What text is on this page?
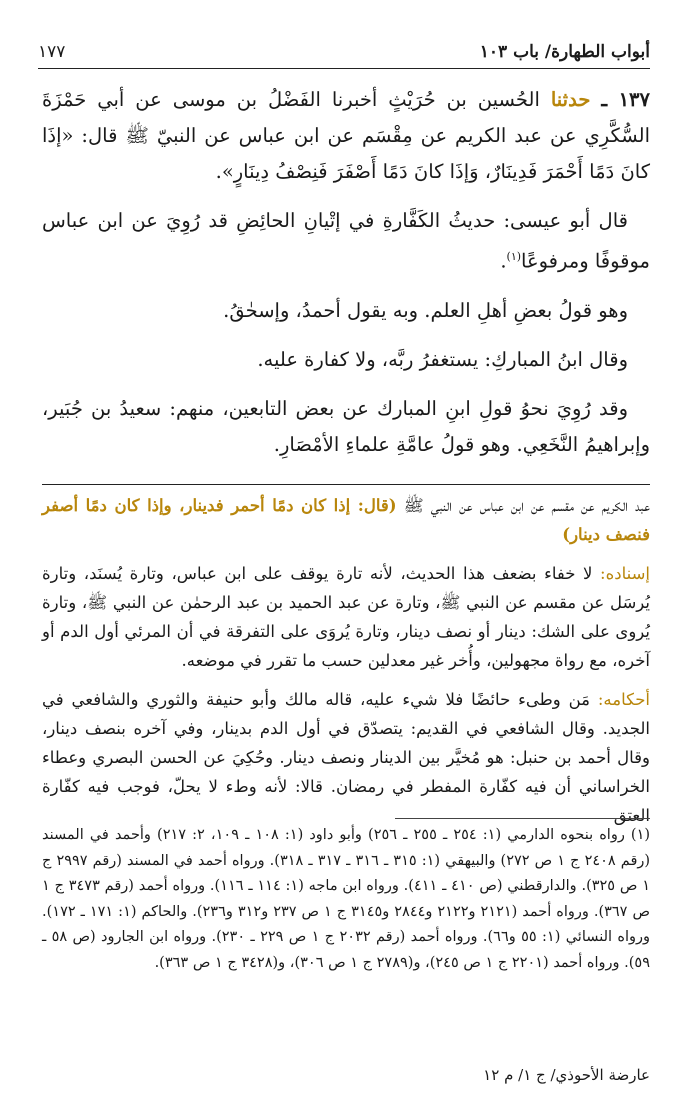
أبواب الطهارة/ باب ١٠٣
١٧٧

١٣٧ ـ حدثنا الحُسين بن حُرَيْثٍ أخبرنا الفَضْلُ بن موسى عن أبي حَمْزَةَ السُّكَّرِي عن عبد الكريم عن مِقْسَم عن ابن عباس عن النبيّ ﷺ قال: «إذَا كانَ دَمًا أَحْمَرَ فَدِينَارٌ، وَإذَا كانَ دَمًا أَصْفَرَ فَنِصْفُ دِينَارٍ».

قال أبو عيسى: حديثُ الكَفَّارةِ في إتْيانِ الحائِضِ قد رُوِيَ عن ابن عباس موقوفًا ومرفوعًا$^{(١)}$.

وهو قولُ بعضِ أهلِ العلم. وبه يقول أحمدُ، وإسحٰقُ.

وقال ابنُ المباركِ: يستغفرُ ربَّه، ولا كفارة عليه.

وقد رُوِيَ نحوُ قولِ ابنِ المبارك عن بعض التابعين، منهم: سعيدُ بن جُبَير، وإبراهيمُ النَّخَعِي. وهو قولُ عامَّةِ علماءِ الأمْصَارِ.

عبد الكريم عن مقسم عن ابن عباس عن النبي ﷺ (قال: إذا كان دمًا أحمر فدينار، وإذا كان دمًا أصفر فنصف دينار)

إسناده: لا خفاء بضعف هذا الحديث، لأنه تارة يوقف على ابن عباس، وتارة يُسنَد، وتارة يُرسَل عن مقسم عن النبي ﷺ، وتارة عن عبد الحميد بن عبد الرحمٰن عن النبي ﷺ، وتارة يُروى على الشك: دينار أو نصف دينار، وتارة يُروَى على التفرقة في أن المرئي أول الدم أو آخره، مع رواة مجهولين، وأُخر غير معدلين حسب ما تقرر في موضعه.

أحكامه: مَن وطىء حائضًا فلا شيء عليه، قاله مالك وأبو حنيفة والثوري والشافعي في الجديد. وقال الشافعي في القديم: يتصدّق في أول الدم بدينار، وفي آخره بنصف دينار، وقال أحمد بن حنبل: هو مُخيَّر بين الدينار ونصف دينار. وحُكِيَ عن الحسن البصري وعطاء الخراساني أن فيه كفّارة المفطر في رمضان. قالا: لأنه وطء لا يحلّ، فوجب فيه كفّارة العتق

(١) رواه بنحوه الدارمي (١: ٢٥٤ ـ ٢٥٥ ـ ٢٥٦) وأبو داود (١: ١٠٨ ـ ١٠٩، ٢: ٢١٧) وأحمد في المسند (رقم ٢٤٠٨ ج ١ ص ٢٧٢) والبيهقي (١: ٣١٥ ـ ٣١٦ ـ ٣١٧ ـ ٣١٨). ورواه أحمد في المسند (رقم ٢٩٩٧ ج ١ ص ٣٢٥). والدارقطني (ص ٤١٠ ـ ٤١١). ورواه ابن ماجه (١: ١١٤ ـ ١١٦). ورواه أحمد (رقم ٣٤٧٣ ج ١ ص ٣٦٧). ورواه أحمد (٢١٢١ و٢١٢٢ و٢٨٤٤ و٣١٤٥ ج ١ ص ٢٣٧ و٣١٢ و٢٣٦). والحاكم (١: ١٧١ ـ ١٧٢). ورواه النسائي (١: ٥٥ و٦٦). ورواه أحمد (رقم ٢٠٣٢ ج ١ ص ٢٢٩ ـ ٢٣٠). ورواه ابن الجارود (ص ٥٨ ـ ٥٩). ورواه أحمد (٢٢٠١ ج ١ ص ٢٤٥)، و(٢٧٨٩ ج ١ ص ٣٠٦)، و(٣٤٢٨ ج ١ ص ٣٦٣).

عارضة الأحوذي/ ج ١/ م ١٢
